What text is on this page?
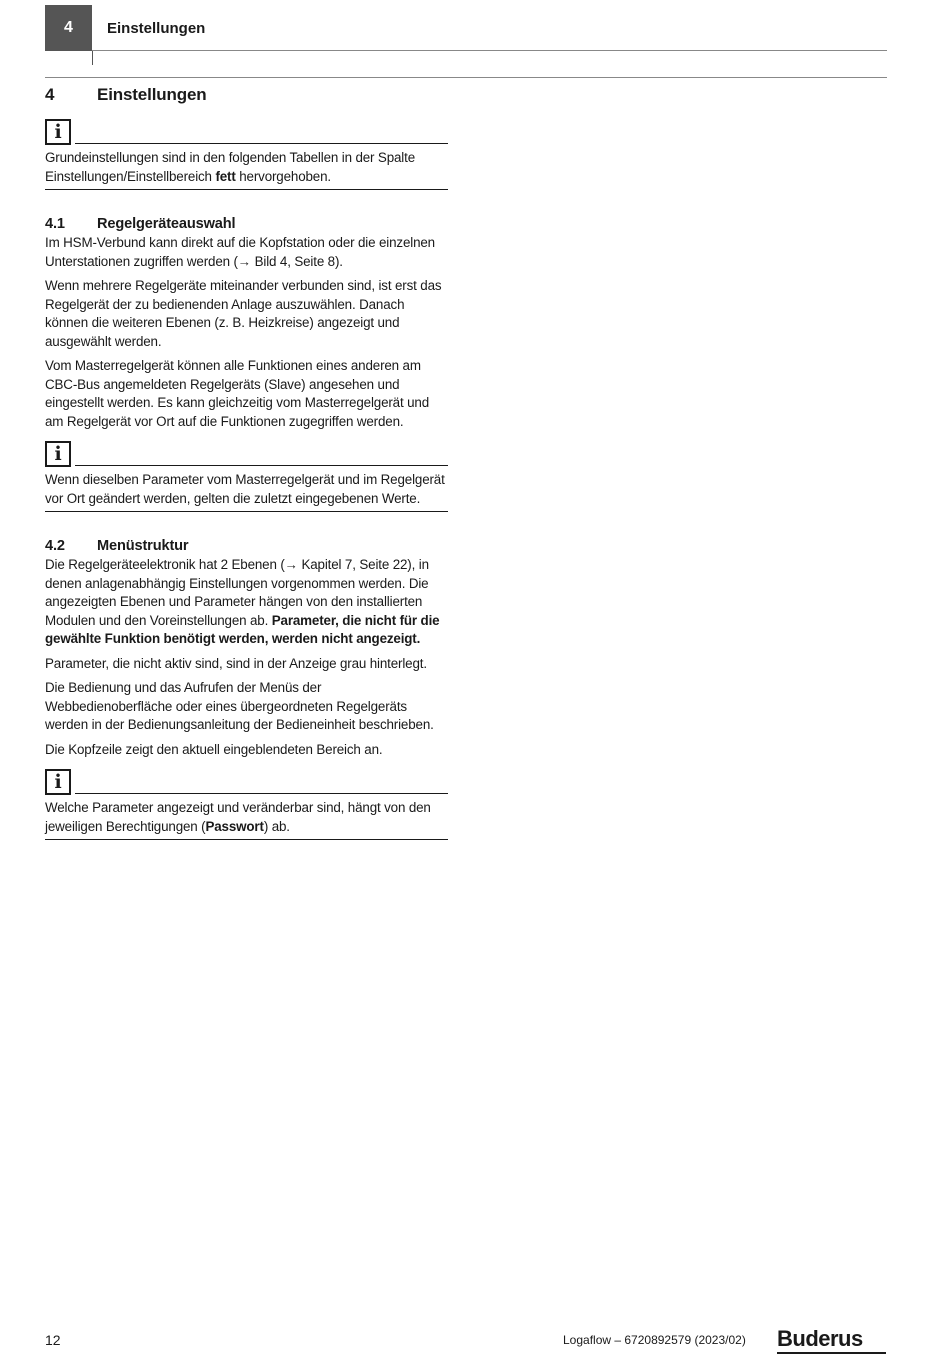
4 Einstellungen
4	Einstellungen
i
Grundeinstellungen sind in den folgenden Tabellen in der Spalte Einstellungen/Einstellbereich fett hervorgehoben.
4.1	Regelgeräteauswahl

Im HSM-Verbund kann direkt auf die Kopfstation oder die einzelnen Unterstationen zugriffen werden (→ Bild 4, Seite 8).

Wenn mehrere Regelgeräte miteinander verbunden sind, ist erst das Regelgerät der zu bedienenden Anlage auszuwählen. Danach können die weiteren Ebenen (z. B. Heizkreise) angezeigt und ausgewählt werden.

Vom Masterregelgerät können alle Funktionen eines anderen am CBC-Bus angemeldeten Regelgeräts (Slave) angesehen und eingestellt werden. Es kann gleichzeitig vom Masterregelgerät und am Regelgerät vor Ort auf die Funktionen zugegriffen werden.

i
Wenn dieselben Parameter vom Masterregelgerät und im Regelgerät vor Ort geändert werden, gelten die zuletzt eingegebenen Werte.
4.2	Menüstruktur

Die Regelgeräteelektronik hat 2 Ebenen (→ Kapitel 7, Seite 22), in denen anlagenabhängig Einstellungen vorgenommen werden. Die angezeigten Ebenen und Parameter hängen von den installierten Modulen und den Voreinstellungen ab. Parameter, die nicht für die gewählte Funktion benötigt werden, werden nicht angezeigt.

Parameter, die nicht aktiv sind, sind in der Anzeige grau hinterlegt.

Die Bedienung und das Aufrufen der Menüs der Webbedienoberfläche oder eines übergeordneten Regelgeräts werden in der Bedienungsanleitung der Bedieneinheit beschrieben.

Die Kopfzeile zeigt den aktuell eingeblendeten Bereich an.

i
Welche Parameter angezeigt und veränderbar sind, hängt von den jeweiligen Berechtigungen (Passwort) ab.
12	Logaflow – 6720892579 (2023/02) Buderus
